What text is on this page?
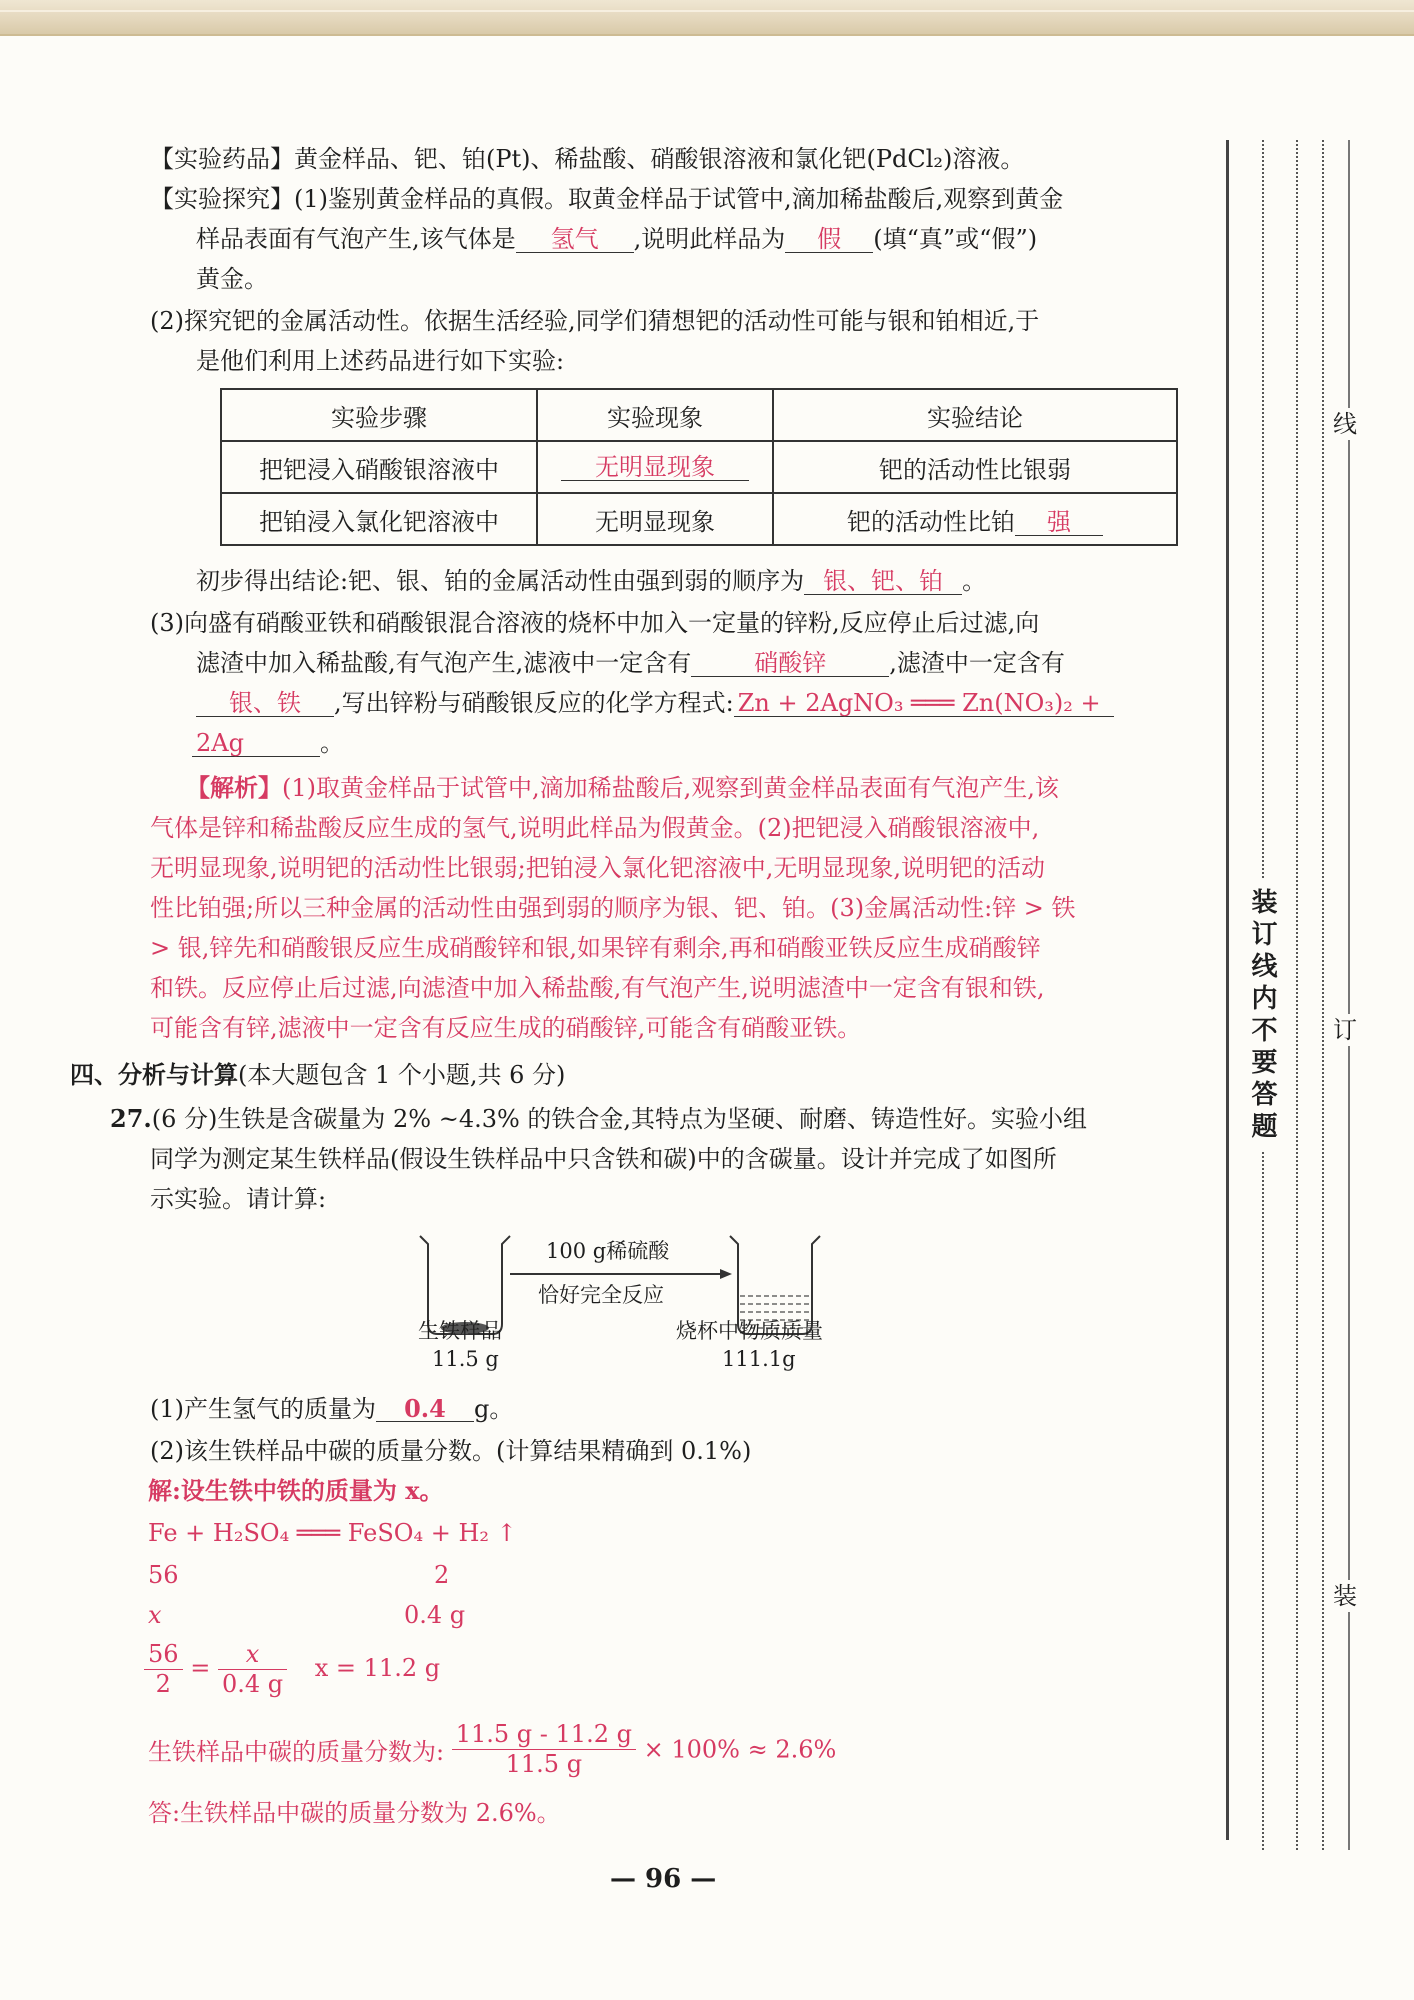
【实验药品】黄金样品、钯、铂(Pt)、稀盐酸、硝酸银溶液和氯化钯(PdCl₂)溶液。
【实验探究】(1)鉴别黄金样品的真假。取黄金样品于试管中,滴加稀盐酸后,观察到黄金
样品表面有气泡产生,该气体是 氢气 ,说明此样品为 假 (填“真”或“假”)
黄金。
(2)探究钯的金属活动性。依据生活经验,同学们猜想钯的活动性可能与银和铂相近,于
是他们利用上述药品进行如下实验:
实验步骤	实验现象	实验结论
把钯浸入硝酸银溶液中	无明显现象	钯的活动性比银弱
把铂浸入氯化钯溶液中	无明显现象	钯的活动性比铂 强
初步得出结论:钯、银、铂的金属活动性由强到弱的顺序为 银、钯、铂 。
(3)向盛有硝酸亚铁和硝酸银混合溶液的烧杯中加入一定量的锌粉,反应停止后过滤,向
滤渣中加入稀盐酸,有气泡产生,滤液中一定含有	硝酸锌	,滤渣中一定含有
银、铁 ,写出锌粉与硝酸银反应的化学方程式: Zn + 2AgNO₃ ═══ Zn(NO₃)₂ +
2Ag	。
【解析】(1)取黄金样品于试管中,滴加稀盐酸后,观察到黄金样品表面有气泡产生,该
气体是锌和稀盐酸反应生成的氢气,说明此样品为假黄金。(2)把钯浸入硝酸银溶液中,
无明显现象,说明钯的活动性比银弱;把铂浸入氯化钯溶液中,无明显现象,说明钯的活动
性比铂强;所以三种金属的活动性由强到弱的顺序为银、钯、铂。(3)金属活动性:锌 > 铁
> 银,锌先和硝酸银反应生成硝酸锌和银,如果锌有剩余,再和硝酸亚铁反应生成硝酸锌
和铁。反应停止后过滤,向滤渣中加入稀盐酸,有气泡产生,说明滤渣中一定含有银和铁,
可能含有锌,滤液中一定含有反应生成的硝酸锌,可能含有硝酸亚铁。
四、分析与计算(本大题包含 1 个小题,共 6 分)
27.(6 分)生铁是含碳量为 2% ~4.3% 的铁合金,其特点为坚硬、耐磨、铸造性好。实验小组
同学为测定某生铁样品(假设生铁样品中只含铁和碳)中的含碳量。设计并完成了如图所
示实验。请计算:
100 g稀硫酸
恰好完全反应
生铁样品
11.5 g
烧杯中物质质量
111.1g
(1)产生氢气的质量为 0.4 g。
(2)该生铁样品中碳的质量分数。(计算结果精确到 0.1%)
解:设生铁中铁的质量为 x。
Fe + H₂SO₄ ═══ FeSO₄ + H₂ ↑
56	2
x	0.4 g
$\frac{56}{2} = \frac{x}{0.4 g}$ x = 11.2 g
生铁样品中碳的质量分数为: $\frac{11.5 g - 11.2 g}{11.5 g} \times 100\% \approx 2.6\%$
答:生铁样品中碳的质量分数为 2.6%。
— 96 —
线
订
装
装订线内不要答题
